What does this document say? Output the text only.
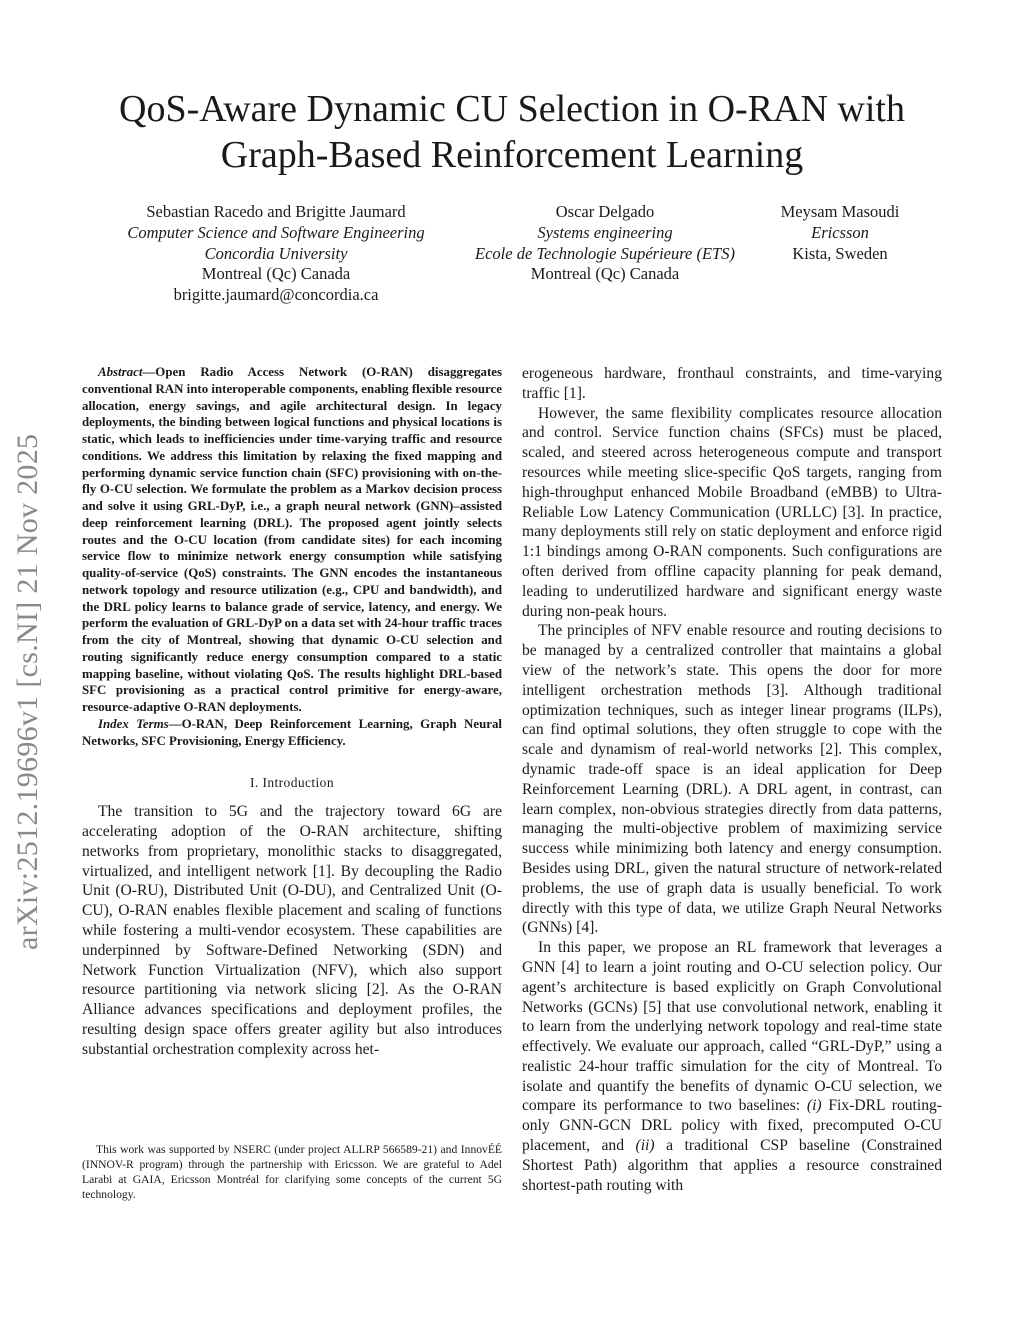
QoS-Aware Dynamic CU Selection in O-RAN with
Graph-Based Reinforcement Learning
Sebastian Racedo and Brigitte Jaumard
Computer Science and Software Engineering
Concordia University
Montreal (Qc) Canada
brigitte.jaumard@concordia.ca
Oscar Delgado
Systems engineering
Ecole de Technologie Supérieure (ETS)
Montreal (Qc) Canada
Meysam Masoudi
Ericsson
Kista, Sweden
arXiv:2512.19696v1 [cs.NI] 21 Nov 2025

Abstract—Open Radio Access Network (O-RAN) disaggregates conventional RAN into interoperable components, enabling flexible resource allocation, energy savings, and agile architectural design. In legacy deployments, the binding between logical functions and physical locations is static, which leads to inefficiencies under time-varying traffic and resource conditions. We address this limitation by relaxing the fixed mapping and performing dynamic service function chain (SFC) provisioning with on-the-fly O-CU selection. We formulate the problem as a Markov decision process and solve it using GRL-DyP, i.e., a graph neural network (GNN)–assisted deep reinforcement learning (DRL). The proposed agent jointly selects routes and the O-CU location (from candidate sites) for each incoming service flow to minimize network energy consumption while satisfying quality-of-service (QoS) constraints. The GNN encodes the instantaneous network topology and resource utilization (e.g., CPU and bandwidth), and the DRL policy learns to balance grade of service, latency, and energy. We perform the evaluation of GRL-DyP on a data set with 24-hour traffic traces from the city of Montreal, showing that dynamic O-CU selection and routing significantly reduce energy consumption compared to a static mapping baseline, without violating QoS. The results highlight DRL-based SFC provisioning as a practical control primitive for energy-aware, resource-adaptive O-RAN deployments.

Index Terms—O-RAN, Deep Reinforcement Learning, Graph Neural Networks, SFC Provisioning, Energy Efficiency.

I. Introduction

The transition to 5G and the trajectory toward 6G are accelerating adoption of the O-RAN architecture, shifting networks from proprietary, monolithic stacks to disaggregated, virtualized, and intelligent network [1]. By decoupling the Radio Unit (O-RU), Distributed Unit (O-DU), and Centralized Unit (O-CU), O-RAN enables flexible placement and scaling of functions while fostering a multi-vendor ecosystem. These capabilities are underpinned by Software-Defined Networking (SDN) and Network Function Virtualization (NFV), which also support resource partitioning via network slicing [2]. As the O-RAN Alliance advances specifications and deployment profiles, the resulting design space offers greater agility but also introduces substantial orchestration complexity across het-

erogeneous hardware, fronthaul constraints, and time-varying traffic [1].

However, the same flexibility complicates resource allocation and control. Service function chains (SFCs) must be placed, scaled, and steered across heterogeneous compute and transport resources while meeting slice-specific QoS targets, ranging from high-throughput enhanced Mobile Broadband (eMBB) to Ultra-Reliable Low Latency Communication (URLLC) [3]. In practice, many deployments still rely on static deployment and enforce rigid 1:1 bindings among O-RAN components. Such configurations are often derived from offline capacity planning for peak demand, leading to underutilized hardware and significant energy waste during non-peak hours.

The principles of NFV enable resource and routing decisions to be managed by a centralized controller that maintains a global view of the network’s state. This opens the door for more intelligent orchestration methods [3]. Although traditional optimization techniques, such as integer linear programs (ILPs), can find optimal solutions, they often struggle to cope with the scale and dynamism of real-world networks [2]. This complex, dynamic trade-off space is an ideal application for Deep Reinforcement Learning (DRL). A DRL agent, in contrast, can learn complex, non-obvious strategies directly from data patterns, managing the multi-objective problem of maximizing service success while minimizing both latency and energy consumption. Besides using DRL, given the natural structure of network-related problems, the use of graph data is usually beneficial. To work directly with this type of data, we utilize Graph Neural Networks (GNNs) [4].

In this paper, we propose an RL framework that leverages a GNN [4] to learn a joint routing and O-CU selection policy. Our agent’s architecture is based explicitly on Graph Convolutional Networks (GCNs) [5] that use convolutional network, enabling it to learn from the underlying network topology and real-time state effectively. We evaluate our approach, called “GRL-DyP,” using a realistic 24-hour traffic simulation for the city of Montreal. To isolate and quantify the benefits of dynamic O-CU selection, we compare its performance to two baselines: (i) Fix-DRL routing-only GNN-GCN DRL policy with fixed, precomputed O-CU placement, and (ii) a traditional CSP baseline (Constrained Shortest Path) algorithm that applies a resource constrained shortest-path routing with

This work was supported by NSERC (under project ALLRP 566589-21) and InnovÉÉ (INNOV-R program) through the partnership with Ericsson. We are grateful to Adel Larabi at GAIA, Ericsson Montréal for clarifying some concepts of the current 5G technology.
